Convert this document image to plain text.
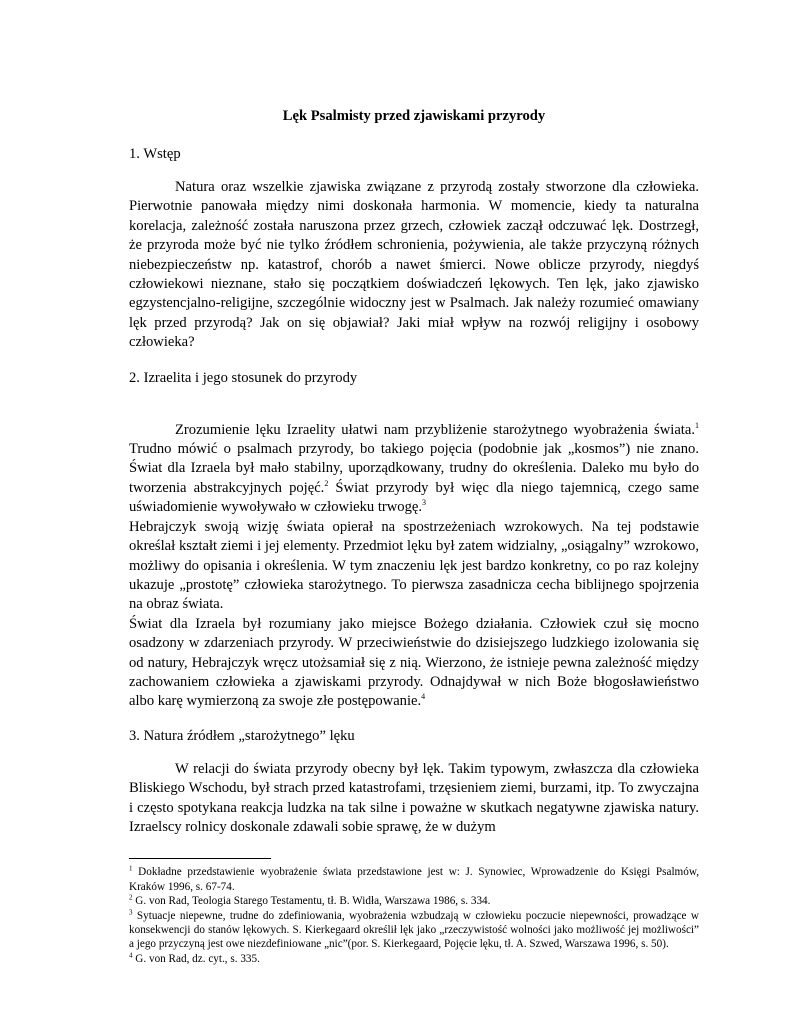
Lęk Psalmisty przed zjawiskami przyrody

1. Wstęp

Natura oraz wszelkie zjawiska związane z przyrodą zostały stworzone dla człowieka. Pierwotnie panowała między nimi doskonała harmonia. W momencie, kiedy ta naturalna korelacja, zależność została naruszona przez grzech, człowiek zaczął odczuwać lęk. Dostrzegł, że przyroda może być nie tylko źródłem schronienia, pożywienia, ale także przyczyną różnych niebezpieczeństw np. katastrof, chorób a nawet śmierci. Nowe oblicze przyrody, niegdyś człowiekowi nieznane, stało się początkiem doświadczeń lękowych. Ten lęk, jako zjawisko egzystencjalno-religijne, szczególnie widoczny jest w Psalmach. Jak należy rozumieć omawiany lęk przed przyrodą? Jak on się objawiał? Jaki miał wpływ na rozwój religijny i osobowy człowieka?

2. Izraelita i jego stosunek do przyrody

Zrozumienie lęku Izraelity ułatwi nam przybliżenie starożytnego wyobrażenia świata.$^1$ Trudno mówić o psalmach przyrody, bo takiego pojęcia (podobnie jak „kosmos”) nie znano. Świat dla Izraela był mało stabilny, uporządkowany, trudny do określenia. Daleko mu było do tworzenia abstrakcyjnych pojęć.$^2$ Świat przyrody był więc dla niego tajemnicą, czego same uświadomienie wywoływało w człowieku trwogę.$^3$

Hebrajczyk swoją wizję świata opierał na spostrzeżeniach wzrokowych. Na tej podstawie określał kształt ziemi i jej elementy. Przedmiot lęku był zatem widzialny, „osiągalny” wzrokowo, możliwy do opisania i określenia. W tym znaczeniu lęk jest bardzo konkretny, co po raz kolejny ukazuje „prostotę” człowieka starożytnego. To pierwsza zasadnicza cecha biblijnego spojrzenia na obraz świata.

Świat dla Izraela był rozumiany jako miejsce Bożego działania. Człowiek czuł się mocno osadzony w zdarzeniach przyrody. W przeciwieństwie do dzisiejszego ludzkiego izolowania się od natury, Hebrajczyk wręcz utożsamiał się z nią. Wierzono, że istnieje pewna zależność między zachowaniem człowieka a zjawiskami przyrody. Odnajdywał w nich Boże błogosławieństwo albo karę wymierzoną za swoje złe postępowanie.$^4$

3. Natura źródłem „starożytnego” lęku

W relacji do świata przyrody obecny był lęk. Takim typowym, zwłaszcza dla człowieka Bliskiego Wschodu, był strach przed katastrofami, trzęsieniem ziemi, burzami, itp. To zwyczajna i często spotykana reakcja ludzka na tak silne i poważne w skutkach negatywne zjawiska natury. Izraelscy rolnicy doskonale zdawali sobie sprawę, że w dużym

$^1$ Dokładne przedstawienie wyobrażenie świata przedstawione jest w: J. Synowiec, Wprowadzenie do Księgi Psalmów, Kraków 1996, s. 67-74.

$^2$ G. von Rad, Teologia Starego Testamentu, tł. B. Widła, Warszawa 1986, s. 334.

$^3$ Sytuacje niepewne, trudne do zdefiniowania, wyobrażenia wzbudzają w człowieku poczucie niepewności, prowadzące w konsekwencji do stanów lękowych. S. Kierkegaard określił lęk jako „rzeczywistość wolności jako możliwość jej możliwości” a jego przyczyną jest owe niezdefiniowane „nic”(por. S. Kierkegaard, Pojęcie lęku, tł. A. Szwed, Warszawa 1996, s. 50).

$^4$ G. von Rad, dz. cyt., s. 335.
